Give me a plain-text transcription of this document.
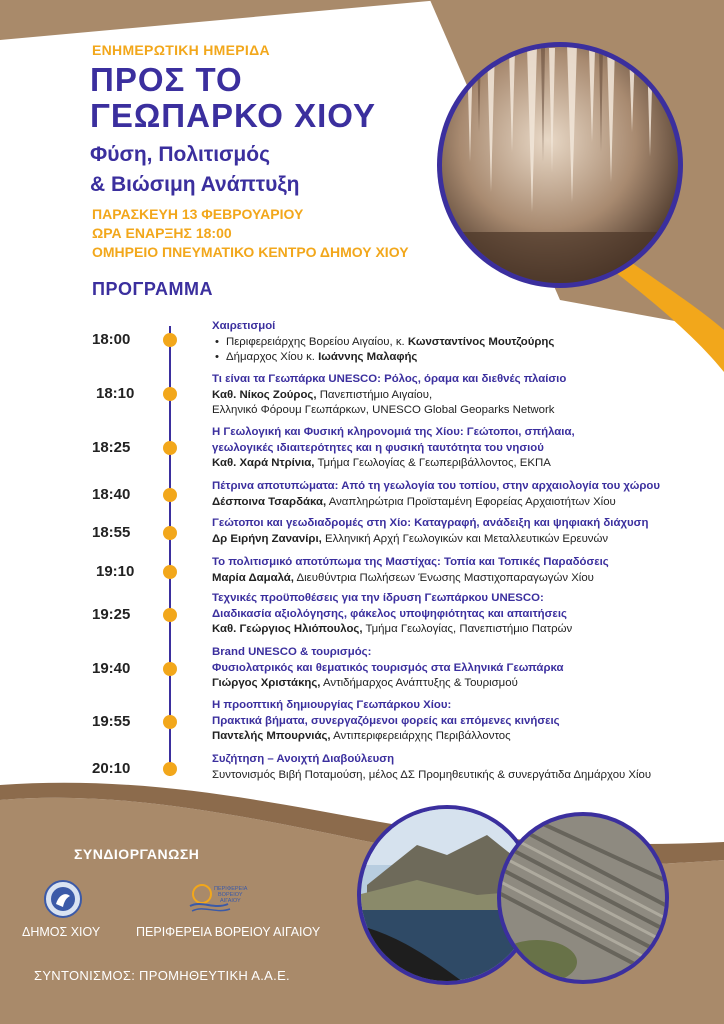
ΕΝΗΜΕΡΩΤΙΚΗ ΗΜΕΡΙΔΑ
ΠΡΟΣ ΤΟ
ΓΕΩΠΑΡΚΟ ΧΙΟΥ
Φύση, Πολιτισμός
& Βιώσιμη Ανάπτυξη
ΠΑΡΑΣΚΕΥΗ 13 ΦΕΒΡΟΥΑΡΙΟΥ
ΩΡΑ ΕΝΑΡΞΗΣ 18:00
ΟΜΗΡΕΙΟ ΠΝΕΥΜΑΤΙΚΟ ΚΕΝΤΡΟ ΔΗΜΟΥ ΧΙΟΥ
ΠΡΟΓΡΑΜΜΑ
18:00
Χαιρετισμοί
• Περιφερειάρχης Βορείου Αιγαίου, κ. Κωνσταντίνος Μουτζούρης
• Δήμαρχος Χίου κ. Ιωάννης Μαλαφής
18:10
Τι είναι τα Γεωπάρκα UNESCO: Ρόλος, όραμα και διεθνές πλαίσιο
Καθ. Νίκος Ζούρος, Πανεπιστήμιο Αιγαίου,
Ελληνικό Φόρουμ Γεωπάρκων, UNESCO Global Geoparks Network
18:25
Η Γεωλογική και Φυσική κληρονομιά της Χίου: Γεώτοποι, σπήλαια,
γεωλογικές ιδιαιτερότητες και η φυσική ταυτότητα του νησιού
Καθ. Χαρά Ντρίνια, Τμήμα Γεωλογίας & Γεωπεριβάλλοντος, ΕΚΠΑ
18:40	Πέτρινα αποτυπώματα: Από τη γεωλογία του τοπίου, στην αρχαιολογία του χώρου
Δέσποινα Τσαρδάκα, Αναπληρώτρια Προϊσταμένη Εφορείας Αρχαιοτήτων Χίου
18:55
Γεώτοποι και γεωδιαδρομές στη Χίο: Καταγραφή, ανάδειξη και ψηφιακή διάχυση
Δρ Ειρήνη Ζανανίρι, Ελληνική Αρχή Γεωλογικών και Μεταλλευτικών Ερευνών
19:10
Το πολιτισμικό αποτύπωμα της Μαστίχας: Τοπία και Τοπικές Παραδόσεις
Μαρία Δαμαλά, Διευθύντρια Πωλήσεων Ένωσης Μαστιχοπαραγωγών Χίου
19:25
Τεχνικές προϋποθέσεις για την ίδρυση Γεωπάρκου UNESCO:
Διαδικασία αξιολόγησης, φάκελος υποψηφιότητας και απαιτήσεις
Καθ. Γεώργιος Ηλιόπουλος, Τμήμα Γεωλογίας, Πανεπιστήμιο Πατρών
19:40
Brand UNESCO & τουρισμός:
Φυσιολατρικός και θεματικός τουρισμός στα Ελληνικά Γεωπάρκα
Γιώργος Χριστάκης, Αντιδήμαρχος Ανάπτυξης & Τουρισμού
19:55
Η προοπτική δημιουργίας Γεωπάρκου Χίου:
Πρακτικά βήματα, συνεργαζόμενοι φορείς και επόμενες κινήσεις
Παντελής Μπουρνιάς, Αντιπεριφερειάρχης Περιβάλλοντος
20:10
Συζήτηση – Ανοιχτή Διαβούλευση
Συντονισμός Βιβή Ποταμούση, μέλος ΔΣ Προμηθευτικής & συνεργάτιδα Δημάρχου Χίου
ΣΥΝΔΙΟΡΓΑΝΩΣΗ
ΔΗΜΟΣ ΧΙΟΥ
ΠΕΡΙΦΕΡΕΙΑ
ΒΟΡΕΙΟΥ
ΑΙΓΑΙΟΥ
ΠΕΡΙΦΕΡΕΙΑ ΒΟΡΕΙΟΥ ΑΙΓΑΙΟΥ
ΣΥΝΤΟΝΙΣΜΟΣ: ΠΡΟΜΗΘΕΥΤΙΚΗ Α.Α.Ε.
